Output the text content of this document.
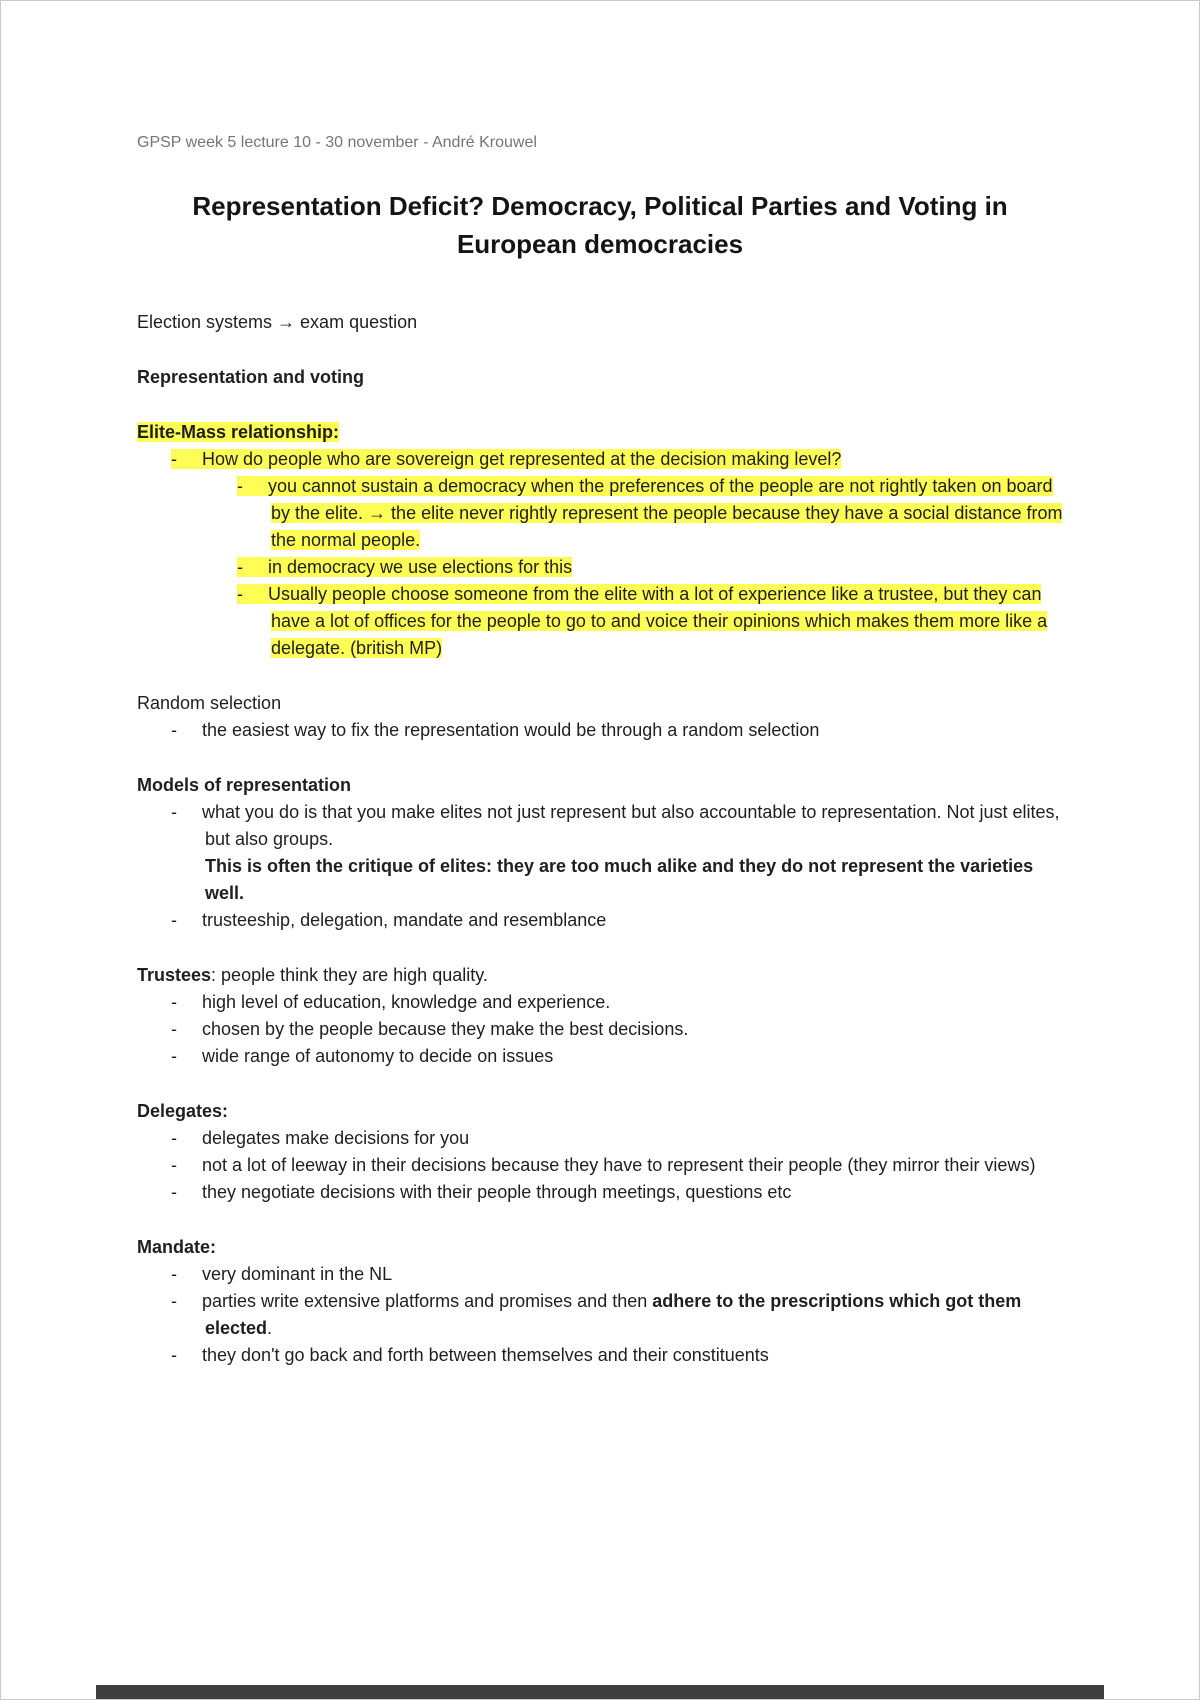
GPSP week 5 lecture 10 - 30 november - André Krouwel

Representation Deficit? Democracy, Political Parties and Voting in European democracies

Election systems → exam question

Representation and voting

Elite-Mass relationship:

- How do people who are sovereign get represented at the decision making level?
- you cannot sustain a democracy when the preferences of the people are not rightly taken on board by the elite. → the elite never rightly represent the people because they have a social distance from the normal people.
- in democracy we use elections for this
- Usually people choose someone from the elite with a lot of experience like a trustee, but they can have a lot of offices for the people to go to and voice their opinions which makes them more like a delegate. (british MP)

Random selection

- the easiest way to fix the representation would be through a random selection

Models of representation

- what you do is that you make elites not just represent but also accountable to representation. Not just elites, but also groups.
This is often the critique of elites: they are too much alike and they do not represent the varieties well.
- trusteeship, delegation, mandate and resemblance

Trustees: people think they are high quality.

- high level of education, knowledge and experience.
- chosen by the people because they make the best decisions.
- wide range of autonomy to decide on issues

Delegates:

- delegates make decisions for you
- not a lot of leeway in their decisions because they have to represent their people (they mirror their views)
- they negotiate decisions with their people through meetings, questions etc

Mandate:

- very dominant in the NL
- parties write extensive platforms and promises and then adhere to the prescriptions which got them elected.
- they don't go back and forth between themselves and their constituents
